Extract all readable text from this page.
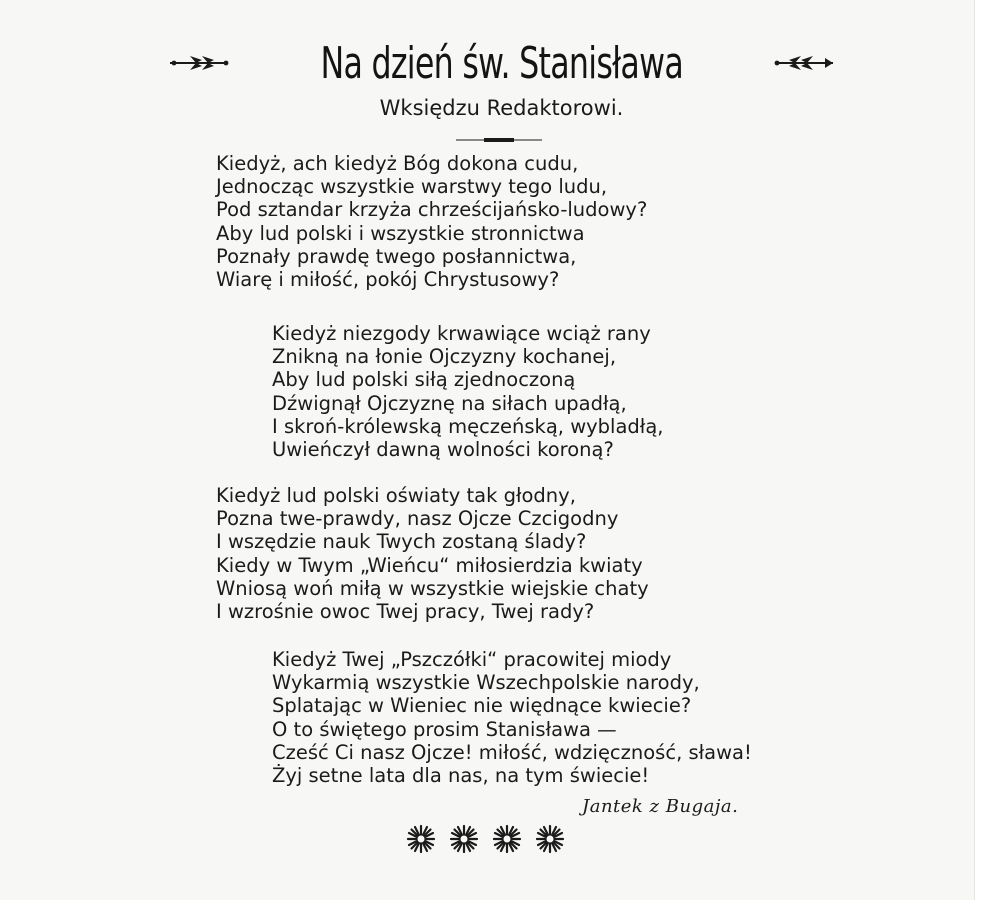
Na dzień św. Stanisława
Wksiędzu Redaktorowi.
Kiedyż, ach kiedyż Bóg dokona cudu,
Jednocząc wszystkie warstwy tego ludu,
Pod sztandar krzyża chrześcijańsko-ludowy?
Aby lud polski i wszystkie stronnictwa
Poznały prawdę twego posłannictwa,
Wiarę i miłość, pokój Chrystusowy?
Kiedyż niezgody krwawiące wciąż rany
Znikną na łonie Ojczyzny kochanej,
Aby lud polski siłą zjednoczoną
Dźwignął Ojczyznę na siłach upadłą,
I skroń-królewską męczeńską, wybladłą,
Uwieńczył dawną wolności koroną?
Kiedyż lud polski oświaty tak głodny,
Pozna twe-prawdy, nasz Ojcze Czcigodny
I wszędzie nauk Twych zostaną ślady?
Kiedy w Twym „Wieńcu“ miłosierdzia kwiaty
Wniosą woń miłą w wszystkie wiejskie chaty
I wzrośnie owoc Twej pracy, Twej rady?
Kiedyż Twej „Pszczółki“ pracowitej miody
Wykarmią wszystkie Wszechpolskie narody,
Splatając w Wieniec nie więdnące kwiecie?
O to świętego prosim Stanisława —
Cześć Ci nasz Ojcze! miłość, wdzięczność, sława!
Żyj setne lata dla nas, na tym świecie!
Jantek z Bugaja.
